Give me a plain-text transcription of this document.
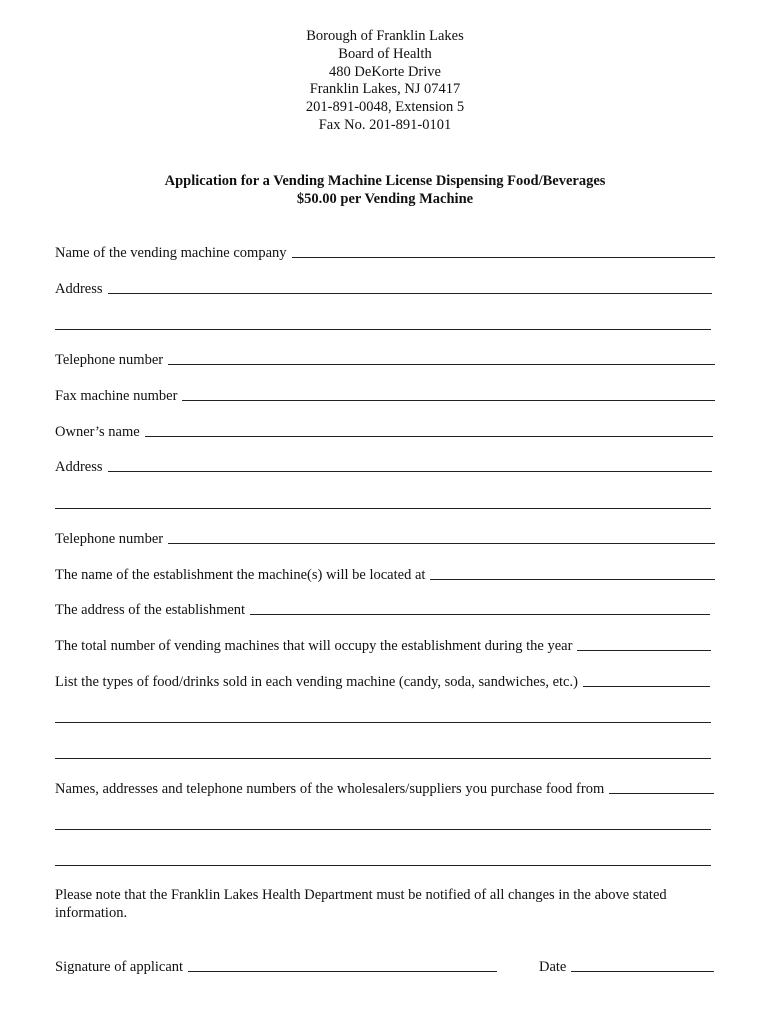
Borough of Franklin Lakes
Board of Health
480 DeKorte Drive
Franklin Lakes, NJ 07417
201-891-0048, Extension 5
Fax No. 201-891-0101
Application for a Vending Machine License Dispensing Food/Beverages
$50.00 per Vending Machine
Name of the vending machine company
Address
Telephone number
Fax machine number
Owner’s name
Address
Telephone number
The name of the establishment the machine(s) will be located at
The address of the establishment
The total number of vending machines that will occupy the establishment during the year
List the types of food/drinks sold in each vending machine (candy, soda, sandwiches, etc.)
Names, addresses and telephone numbers of the wholesalers/suppliers you purchase food from
Please note that the Franklin Lakes Health Department must be notified of all changes in the above stated information.
Signature of applicant	Date
